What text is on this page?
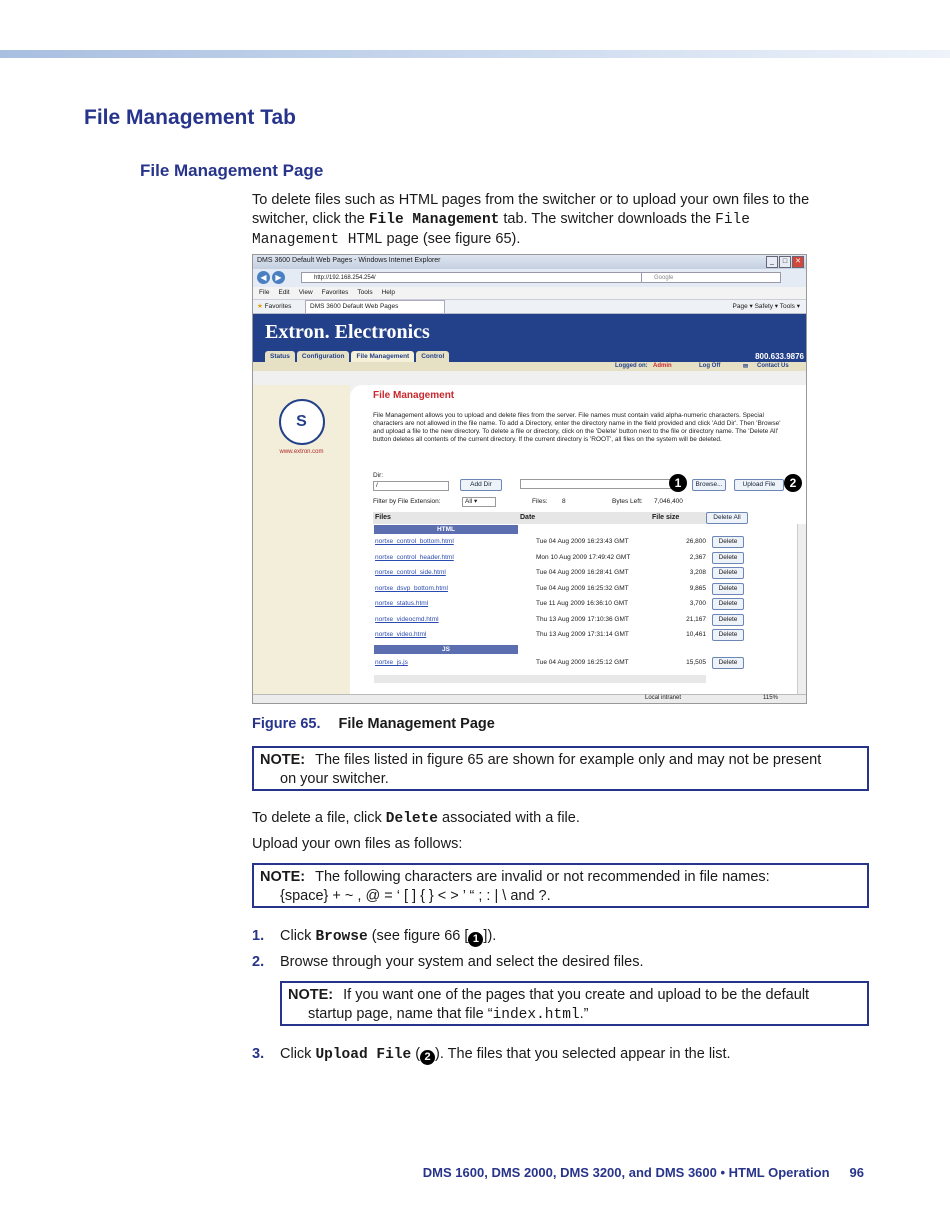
File Management Tab
File Management Page
To delete files such as HTML pages from the switcher or to upload your own files to the switcher, click the File Management tab. The switcher downloads the File Management HTML page (see figure 65).
DMS 3600 Default Web Pages - Windows Internet Explorer	_ □ ✕
◀ ▶	http://192.168.254.254/	Google
File Edit View Favorites Tools Help
★ Favorites	DMS 3600 Default Web Pages	Page ▾ Safety ▾ Tools ▾
Extron. Electronics
Status Configuration File Management Control	800.633.9876
Logged on: Admin	Log Off	✉ Contact Us
S
www.extron.com
File Management
File Management allows you to upload and delete files from the server. File names must contain valid alpha-numeric characters. Special characters are not allowed in the file name. To add a Directory, enter the directory name in the field provided and click 'Add Dir'. Then 'Browse' and upload a file to the new directory. To delete a file or directory, click on the 'Delete' button next to the file or directory name. The 'Delete All' button deletes all contents of the current directory. If the current directory is 'ROOT', all files on the system will be deleted.
Dir:
/	Add Dir	1	Browse...	Upload File	2
Filter by File Extension:	All ▾	Files: 8	Bytes Left: 7,046,400
Files	Date	File size	Delete All
HTML
nortxe_control_bottom.html	Tue 04 Aug 2009 16:23:43 GMT	26,800	Delete
nortxe_control_header.html	Mon 10 Aug 2009 17:49:42 GMT	2,367	Delete
nortxe_control_side.html	Tue 04 Aug 2009 16:28:41 GMT	3,208	Delete
nortxe_dsvp_bottom.html	Tue 04 Aug 2009 16:25:32 GMT	9,865	Delete
nortxe_status.html	Tue 11 Aug 2009 16:36:10 GMT	3,700	Delete
nortxe_videocmd.html	Thu 13 Aug 2009 17:10:36 GMT	21,167	Delete
nortxe_video.html	Thu 13 Aug 2009 17:31:14 GMT	10,461	Delete
JS
nortxe_js.js	Tue 04 Aug 2009 16:25:12 GMT	15,505	Delete
Local intranet	115%
Figure 65. File Management Page
NOTE: The files listed in figure 65 are shown for example only and may not be present
on your switcher.
To delete a file, click Delete associated with a file.
Upload your own files as follows:
NOTE: The following characters are invalid or not recommended in file names:
{space} + ~ , @ = ‘ [ ] { } < > ’ “ ; : | \ and ?.
1. Click Browse (see figure 66 [ 1 ]).
2. Browse through your system and select the desired files.
NOTE: If you want one of the pages that you create and upload to be the default
startup page, name that file “index.html.”
3. Click Upload File ( 2 ). The files that you selected appear in the list.
DMS 1600, DMS 2000, DMS 3200, and DMS 3600 • HTML Operation 96
